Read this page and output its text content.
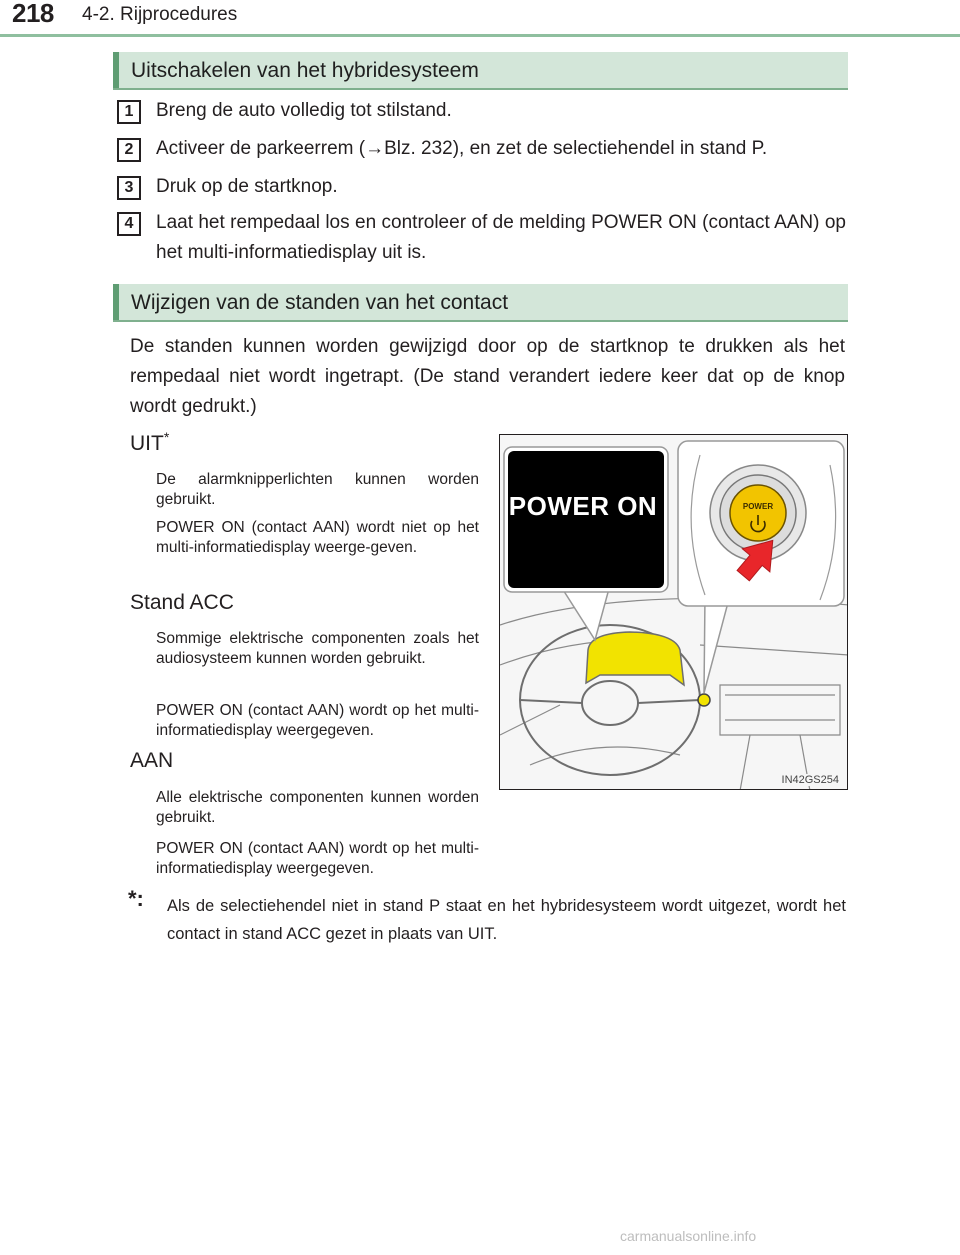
218 4-2. Rijprocedures
Uitschakelen van het hybridesysteem
1	Breng de auto volledig tot stilstand.
2	Activeer de parkeerrem (→Blz. 232), en zet de selectiehendel in stand P.
3	Druk op de startknop.
4	Laat het rempedaal los en controleer of de melding POWER ON (contact AAN) op het multi-informatiedisplay uit is.
Wijzigen van de standen van het contact
De standen kunnen worden gewijzigd door op de startknop te drukken als het rempedaal niet wordt ingetrapt. (De stand verandert iedere keer dat op de knop wordt gedrukt.)
UIT*
De alarmknipperlichten kunnen worden gebruikt.
POWER ON (contact AAN) wordt niet op het multi-informatiedisplay weerge-geven.
Stand ACC
Sommige elektrische componenten zoals het audiosysteem kunnen worden gebruikt.
POWER ON (contact AAN) wordt op het multi-informatiedisplay weergegeven.
AAN
Alle elektrische componenten kunnen worden gebruikt.
POWER ON (contact AAN) wordt op het multi-informatiedisplay weergegeven.
POWER ON	POWER
IN42GS254
*: Als de selectiehendel niet in stand P staat en het hybridesysteem wordt uitgezet, wordt het contact in stand ACC gezet in plaats van UIT.
carmanualsonline.info
